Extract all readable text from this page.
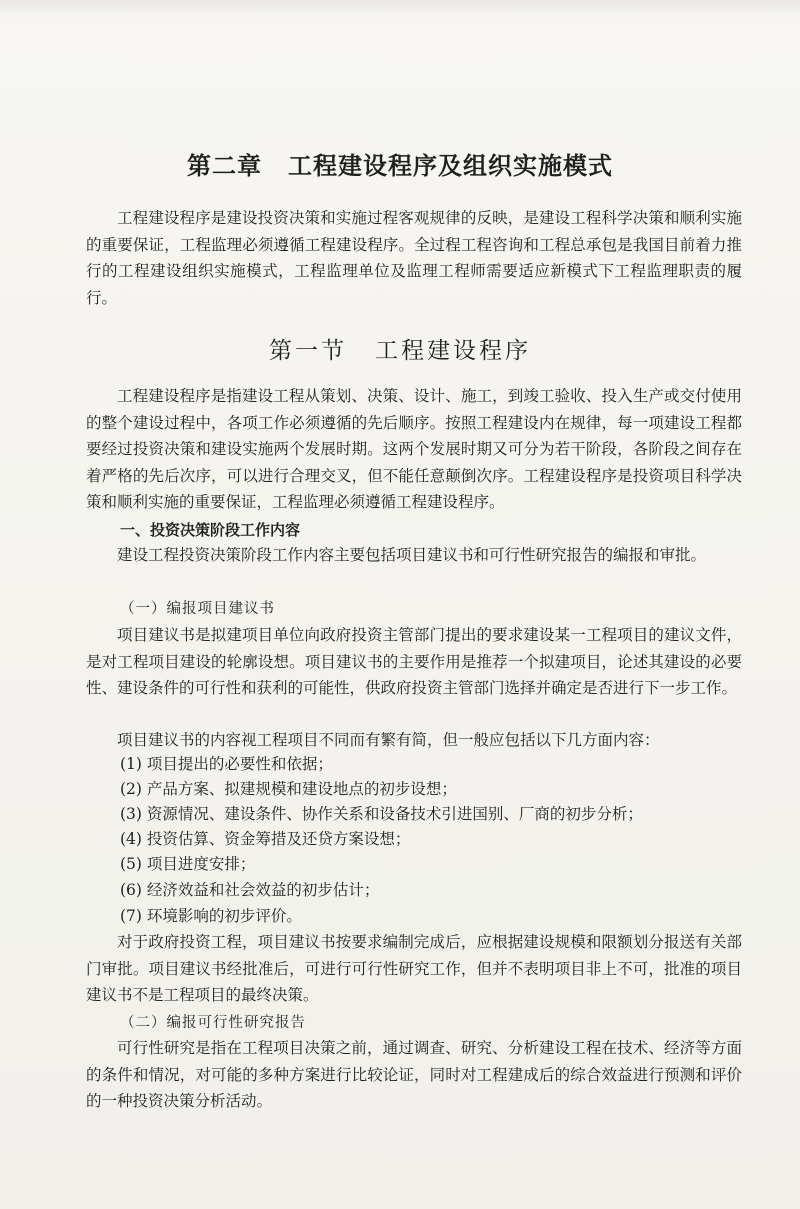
第二章 工程建设程序及组织实施模式

工程建设程序是建设投资决策和实施过程客观规律的反映，是建设工程科学决策和顺利实施的重要保证，工程监理必须遵循工程建设程序。全过程工程咨询和工程总承包是我国目前着力推行的工程建设组织实施模式，工程监理单位及监理工程师需要适应新模式下工程监理职责的履行。

第一节 工程建设程序

工程建设程序是指建设工程从策划、决策、设计、施工，到竣工验收、投入生产或交付使用的整个建设过程中，各项工作必须遵循的先后顺序。按照工程建设内在规律，每一项建设工程都要经过投资决策和建设实施两个发展时期。这两个发展时期又可分为若干阶段，各阶段之间存在着严格的先后次序，可以进行合理交叉，但不能任意颠倒次序。工程建设程序是投资项目科学决策和顺利实施的重要保证，工程监理必须遵循工程建设程序。

一、投资决策阶段工作内容

建设工程投资决策阶段工作内容主要包括项目建议书和可行性研究报告的编报和审批。

（一）编报项目建议书

项目建议书是拟建项目单位向政府投资主管部门提出的要求建设某一工程项目的建议文件，是对工程项目建设的轮廓设想。项目建议书的主要作用是推荐一个拟建项目，论述其建设的必要性、建设条件的可行性和获利的可能性，供政府投资主管部门选择并确定是否进行下一步工作。

项目建议书的内容视工程项目不同而有繁有简，但一般应包括以下几方面内容：

(1) 项目提出的必要性和依据；
(2) 产品方案、拟建规模和建设地点的初步设想；
(3) 资源情况、建设条件、协作关系和设备技术引进国别、厂商的初步分析；
(4) 投资估算、资金筹措及还贷方案设想；
(5) 项目进度安排；
(6) 经济效益和社会效益的初步估计；
(7) 环境影响的初步评价。

对于政府投资工程，项目建议书按要求编制完成后，应根据建设规模和限额划分报送有关部门审批。项目建议书经批准后，可进行可行性研究工作，但并不表明项目非上不可，批准的项目建议书不是工程项目的最终决策。

（二）编报可行性研究报告

可行性研究是指在工程项目决策之前，通过调查、研究、分析建设工程在技术、经济等方面的条件和情况，对可能的多种方案进行比较论证，同时对工程建成后的综合效益进行预测和评价的一种投资决策分析活动。
